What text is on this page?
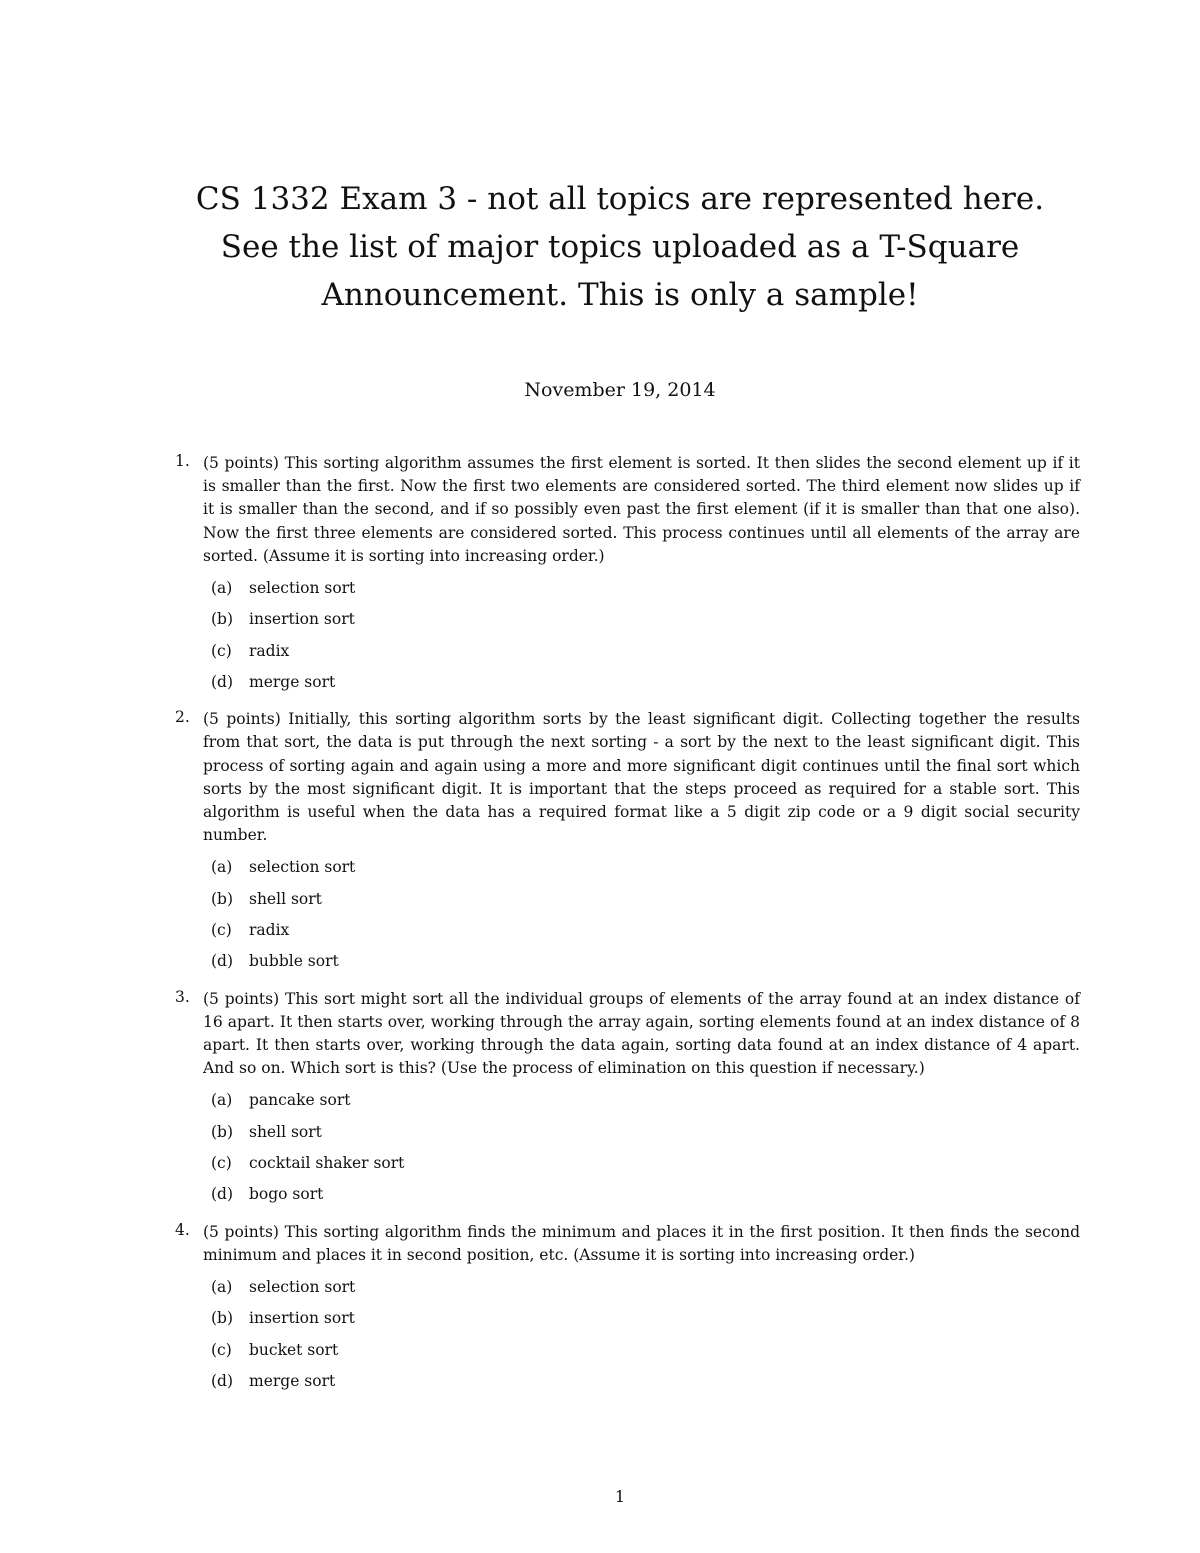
CS 1332 Exam 3 - not all topics are represented here. See the list of major topics uploaded as a T-Square Announcement. This is only a sample!
November 19, 2014
1. (5 points) This sorting algorithm assumes the first element is sorted. It then slides the second element up if it is smaller than the first. Now the first two elements are considered sorted. The third element now slides up if it is smaller than the second, and if so possibly even past the first element (if it is smaller than that one also). Now the first three elements are considered sorted. This process continues until all elements of the array are sorted. (Assume it is sorting into increasing order.)

(a)	selection sort
(b)	insertion sort
(c)	radix
(d)	merge sort
2. (5 points) Initially, this sorting algorithm sorts by the least significant digit. Collecting together the results from that sort, the data is put through the next sorting - a sort by the next to the least significant digit. This process of sorting again and again using a more and more significant digit continues until the final sort which sorts by the most significant digit. It is important that the steps proceed as required for a stable sort. This algorithm is useful when the data has a required format like a 5 digit zip code or a 9 digit social security number.

(a)	selection sort
(b)	shell sort
(c)	radix
(d)	bubble sort
3. (5 points) This sort might sort all the individual groups of elements of the array found at an index distance of 16 apart. It then starts over, working through the array again, sorting elements found at an index distance of 8 apart. It then starts over, working through the data again, sorting data found at an index distance of 4 apart. And so on. Which sort is this? (Use the process of elimination on this question if necessary.)

(a)	pancake sort
(b)	shell sort
(c)	cocktail shaker sort
(d)	bogo sort
4. (5 points) This sorting algorithm finds the minimum and places it in the first position. It then finds the second minimum and places it in second position, etc. (Assume it is sorting into increasing order.)

(a)	selection sort
(b)	insertion sort
(c)	bucket sort
(d)	merge sort
1
